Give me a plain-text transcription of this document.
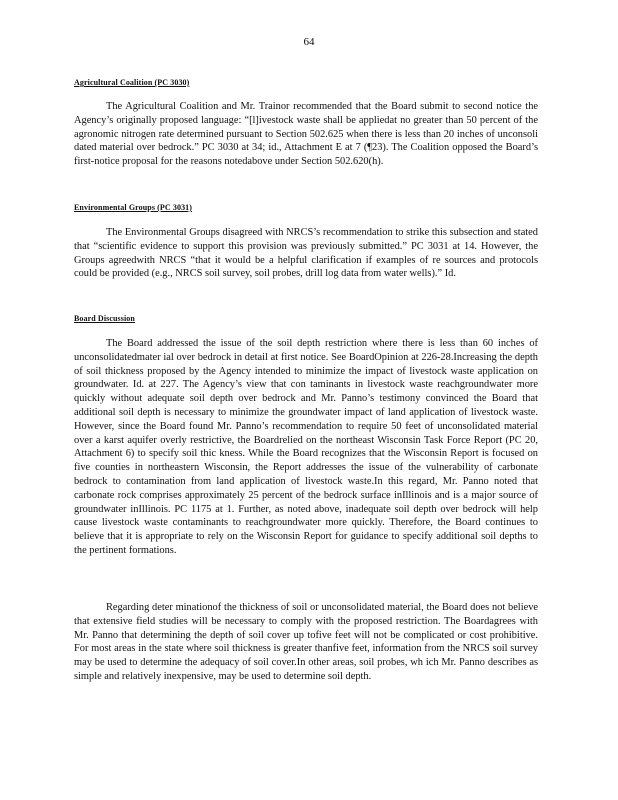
64
Agricultural Coalition (PC 3030)

The Agricultural Coalition and Mr. Trainor recommended that the Board submit to second notice the Agency’s originally proposed language: “[l]ivestock waste shall be appliedat no greater than 50 percent of the agronomic nitrogen rate determined pursuant to Section 502.625 when there is less than 20 inches of unconsoli dated material over bedrock.” PC 3030 at 34; id., Attachment E at 7 (¶23). The Coalition opposed the Board’s first-notice proposal for the reasons notedabove under Section 502.620(h).

Environmental Groups (PC 3031)

The Environmental Groups disagreed with NRCS’s recommendation to strike this subsection and stated that “scientific evidence to support this provision was previously submitted.” PC 3031 at 14. However, the Groups agreedwith NRCS “that it would be a helpful clarification if examples of re sources and protocols could be provided (e.g., NRCS soil survey, soil probes, drill log data from water wells).” Id.

Board Discussion

The Board addressed the issue of the soil depth restriction where there is less than 60 inches of unconsolidatedmater ial over bedrock in detail at first notice. See BoardOpinion at 226-28.Increasing the depth of soil thickness proposed by the Agency intended to minimize the impact of livestock waste application on groundwater. Id. at 227. The Agency’s view that con taminants in livestock waste reachgroundwater more quickly without adequate soil depth over bedrock and Mr. Panno’s testimony convinced the Board that additional soil depth is necessary to minimize the groundwater impact of land application of livestock waste. However, since the Board found Mr. Panno’s recommendation to require 50 feet of unconsolidated material over a karst aquifer overly restrictive, the Boardrelied on the northeast Wisconsin Task Force Report (PC 20, Attachment 6) to specify soil thic kness. While the Board recognizes that the Wisconsin Report is focused on five counties in northeastern Wisconsin, the Report addresses the issue of the vulnerability of carbonate bedrock to contamination from land application of livestock waste.In this regard, Mr. Panno noted that carbonate rock comprises approximately 25 percent of the bedrock surface inIllinois and is a major source of groundwater inIllinois. PC 1175 at 1. Further, as noted above, inadequate soil depth over bedrock will help cause livestock waste contaminants to reachgroundwater more quickly. Therefore, the Board continues to believe that it is appropriate to rely on the Wisconsin Report for guidance to specify additional soil depths to the pertinent formations.

Regarding deter minationof the thickness of soil or unconsolidated material, the Board does not believe that extensive field studies will be necessary to comply with the proposed restriction. The Boardagrees with Mr. Panno that determining the depth of soil cover up tofive feet will not be complicated or cost prohibitive. For most areas in the state where soil thickness is greater thanfive feet, information from the NRCS soil survey may be used to determine the adequacy of soil cover.In other areas, soil probes, wh ich Mr. Panno describes as simple and relatively inexpensive, may be used to determine soil depth.
